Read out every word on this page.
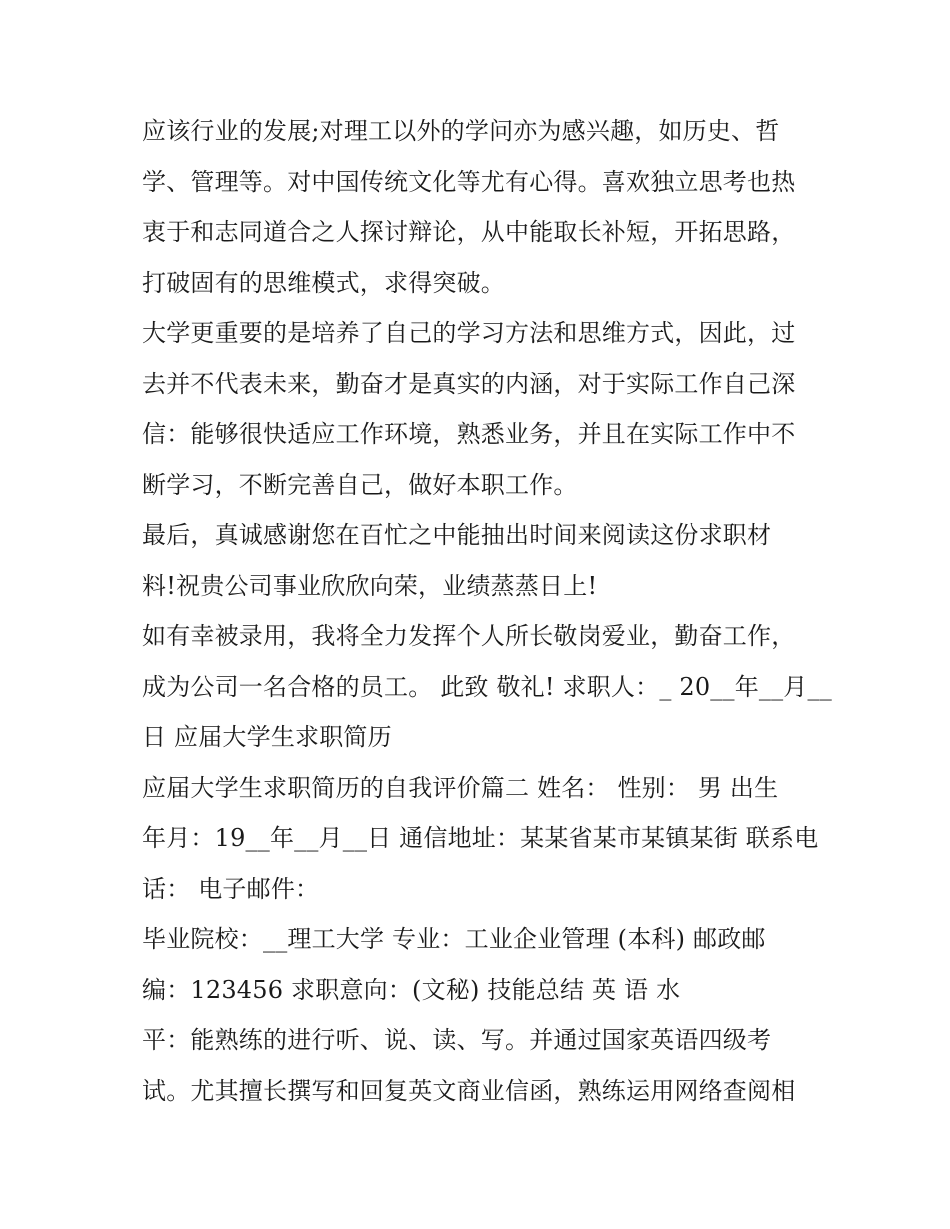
应该行业的发展;对理工以外的学问亦为感兴趣，如历史、哲
学、管理等。对中国传统文化等尤有心得。喜欢独立思考也热
衷于和志同道合之人探讨辩论，从中能取长补短，开拓思路，
打破固有的思维模式，求得突破。
大学更重要的是培养了自己的学习方法和思维方式，因此，过
去并不代表未来，勤奋才是真实的内涵，对于实际工作自己深
信：能够很快适应工作环境，熟悉业务，并且在实际工作中不
断学习，不断完善自己，做好本职工作。
最后，真诚感谢您在百忙之中能抽出时间来阅读这份求职材
料!祝贵公司事业欣欣向荣，业绩蒸蒸日上!
如有幸被录用，我将全力发挥个人所长敬岗爱业，勤奋工作，
成为公司一名合格的员工。 此致 敬礼! 求职人：_ 20__年__月__
日 应届大学生求职简历
应届大学生求职简历的自我评价篇二 姓名： 性别： 男 出生
年月：19__年__月__日 通信地址：某某省某市某镇某街 联系电
话： 电子邮件：
毕业院校：__理工大学 专业：工业企业管理 (本科) 邮政邮
编：123456 求职意向：(文秘) 技能总结 英 语 水
平：能熟练的进行听、说、读、写。并通过国家英语四级考
试。尤其擅长撰写和回复英文商业信函，熟练运用网络查阅相
